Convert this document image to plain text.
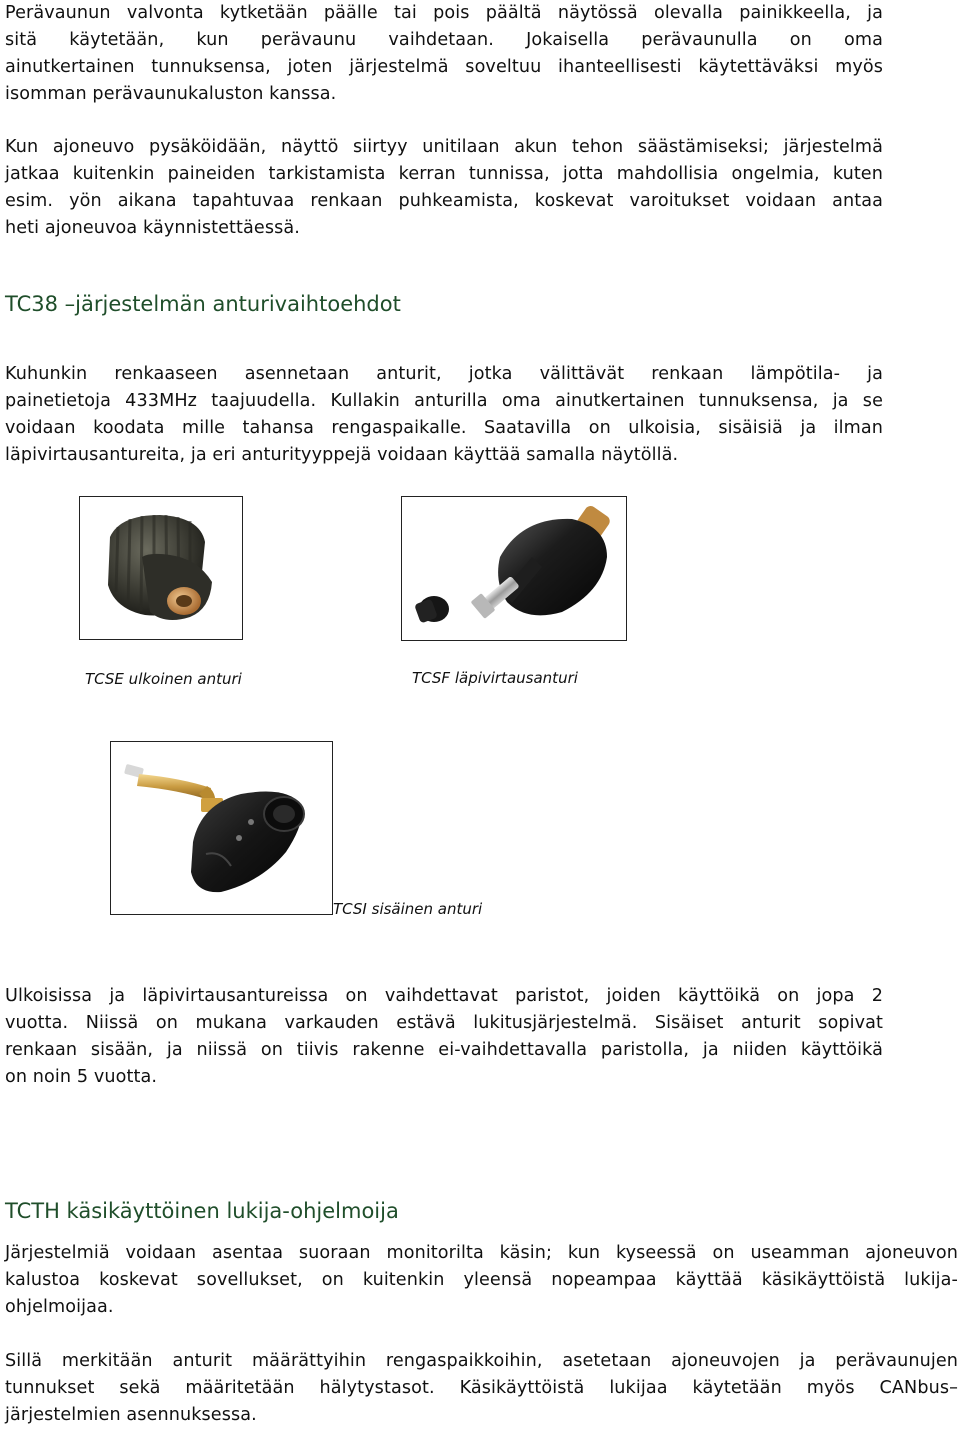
Perävaunun valvonta kytketään päälle tai pois päältä näytössä olevalla painikkeella, ja
sitä käytetään, kun perävaunu vaihdetaan. Jokaisella perävaunulla on oma
ainutkertainen tunnuksensa, joten järjestelmä soveltuu ihanteellisesti käytettäväksi myös
isomman perävaunukaluston kanssa.
Kun ajoneuvo pysäköidään, näyttö siirtyy unitilaan akun tehon säästämiseksi; järjestelmä
jatkaa kuitenkin paineiden tarkistamista kerran tunnissa, jotta mahdollisia ongelmia, kuten
esim. yön aikana tapahtuvaa renkaan puhkeamista, koskevat varoitukset voidaan antaa
heti ajoneuvoa käynnistettäessä.
TC38 –järjestelmän anturivaihtoehdot
Kuhunkin renkaaseen asennetaan anturit, jotka välittävät renkaan lämpötila- ja
painetietoja 433MHz taajuudella. Kullakin anturilla oma ainutkertainen tunnuksensa, ja se
voidaan koodata mille tahansa rengaspaikalle. Saatavilla on ulkoisia, sisäisiä ja ilman
läpivirtausantureita, ja eri anturityyppejä voidaan käyttää samalla näytöllä.

TCSE ulkoinen anturi	TCSF läpivirtausanturi

TCSI sisäinen anturi

Ulkoisissa ja läpivirtausantureissa on vaihdettavat paristot, joiden käyttöikä on jopa 2
vuotta. Niissä on mukana varkauden estävä lukitusjärjestelmä. Sisäiset anturit sopivat
renkaan sisään, ja niissä on tiivis rakenne ei-vaihdettavalla paristolla, ja niiden käyttöikä
on noin 5 vuotta.
TCTH käsikäyttöinen lukija-ohjelmoija
Järjestelmiä voidaan asentaa suoraan monitorilta käsin; kun kyseessä on useamman ajoneuvon
kalustoa koskevat sovellukset, on kuitenkin yleensä nopeampaa käyttää käsikäyttöistä lukija-
ohjelmoijaa.
Sillä merkitään anturit määrättyihin rengaspaikkoihin, asetetaan ajoneuvojen ja perävaunujen
tunnukset sekä määritetään hälytystasot. Käsikäyttöistä lukijaa käytetään myös CANbus–
järjestelmien asennuksessa.
